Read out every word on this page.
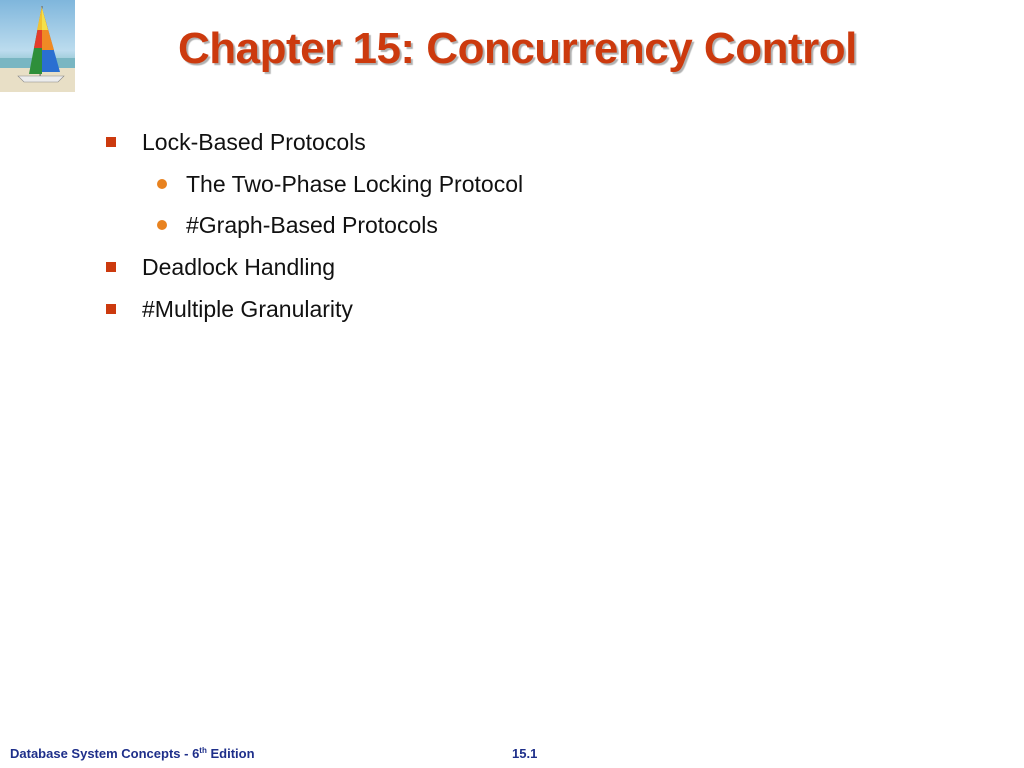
Chapter 15: Concurrency Control
Lock-Based Protocols
The Two-Phase Locking Protocol
#Graph-Based Protocols
Deadlock Handling
#Multiple Granularity
Database System Concepts - 6th Edition	15.1
